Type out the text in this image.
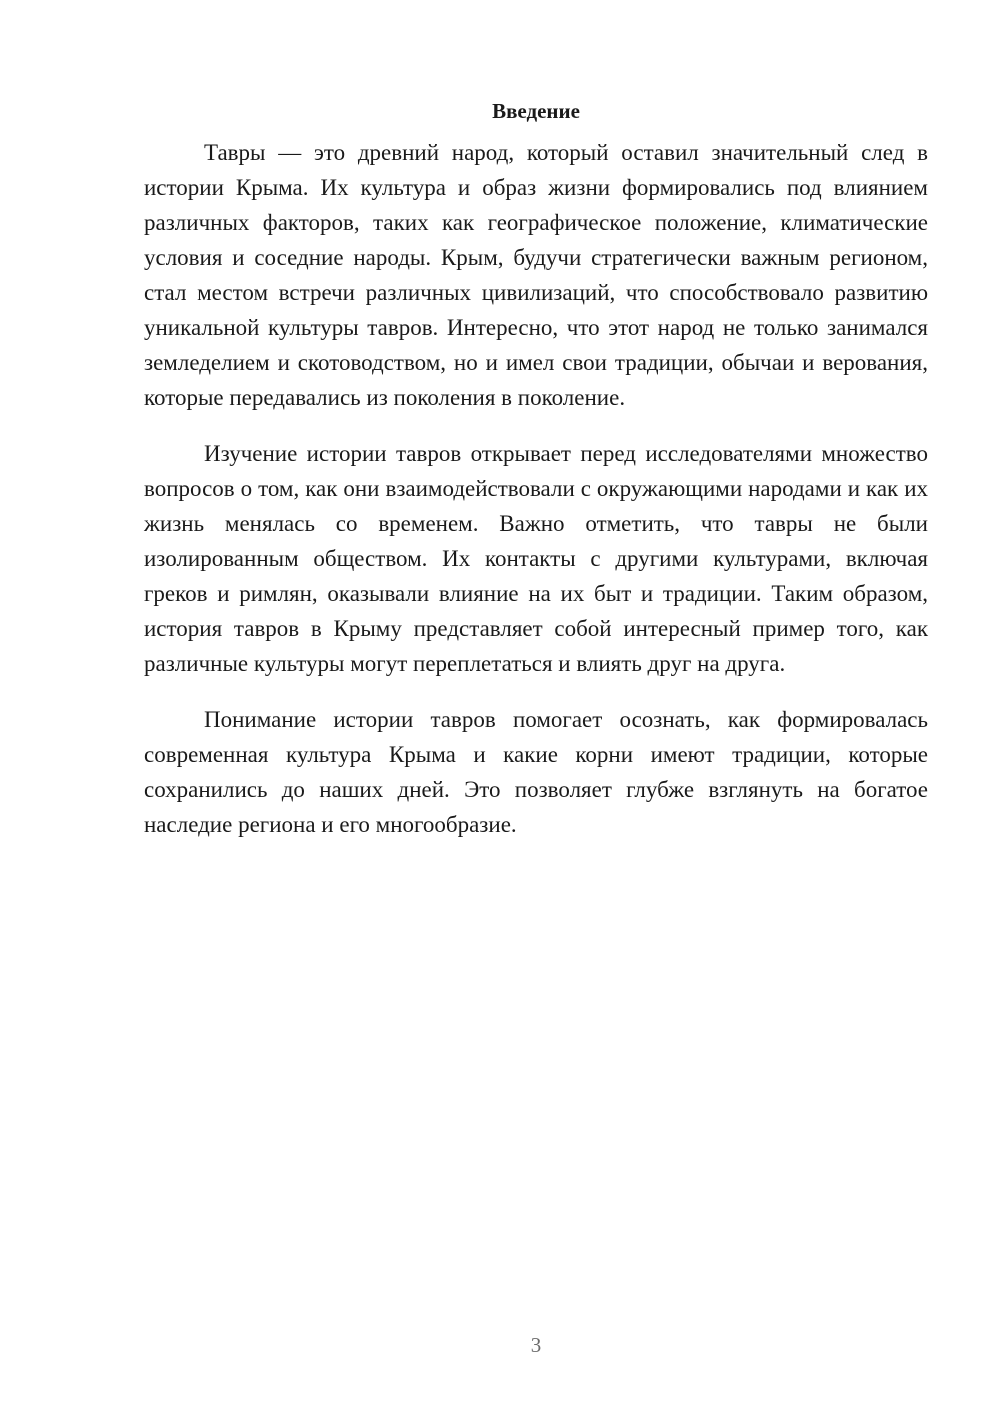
Введение

Тавры — это древний народ, который оставил значительный след в истории Крыма. Их культура и образ жизни формировались под влиянием различных факторов, таких как географическое положение, климатические условия и соседние народы. Крым, будучи стратегически важным регионом, стал местом встречи различных цивилизаций, что способствовало развитию уникальной культуры тавров. Интересно, что этот народ не только занимался земледелием и скотоводством, но и имел свои традиции, обычаи и верования, которые передавались из поколения в поколение.

Изучение истории тавров открывает перед исследователями множество вопросов о том, как они взаимодействовали с окружающими народами и как их жизнь менялась со временем. Важно отметить, что тавры не были изолированным обществом. Их контакты с другими культурами, включая греков и римлян, оказывали влияние на их быт и традиции. Таким образом, история тавров в Крыму представляет собой интересный пример того, как различные культуры могут переплетаться и влиять друг на друга.

Понимание истории тавров помогает осознать, как формировалась современная культура Крыма и какие корни имеют традиции, которые сохранились до наших дней. Это позволяет глубже взглянуть на богатое наследие региона и его многообразие.

3
